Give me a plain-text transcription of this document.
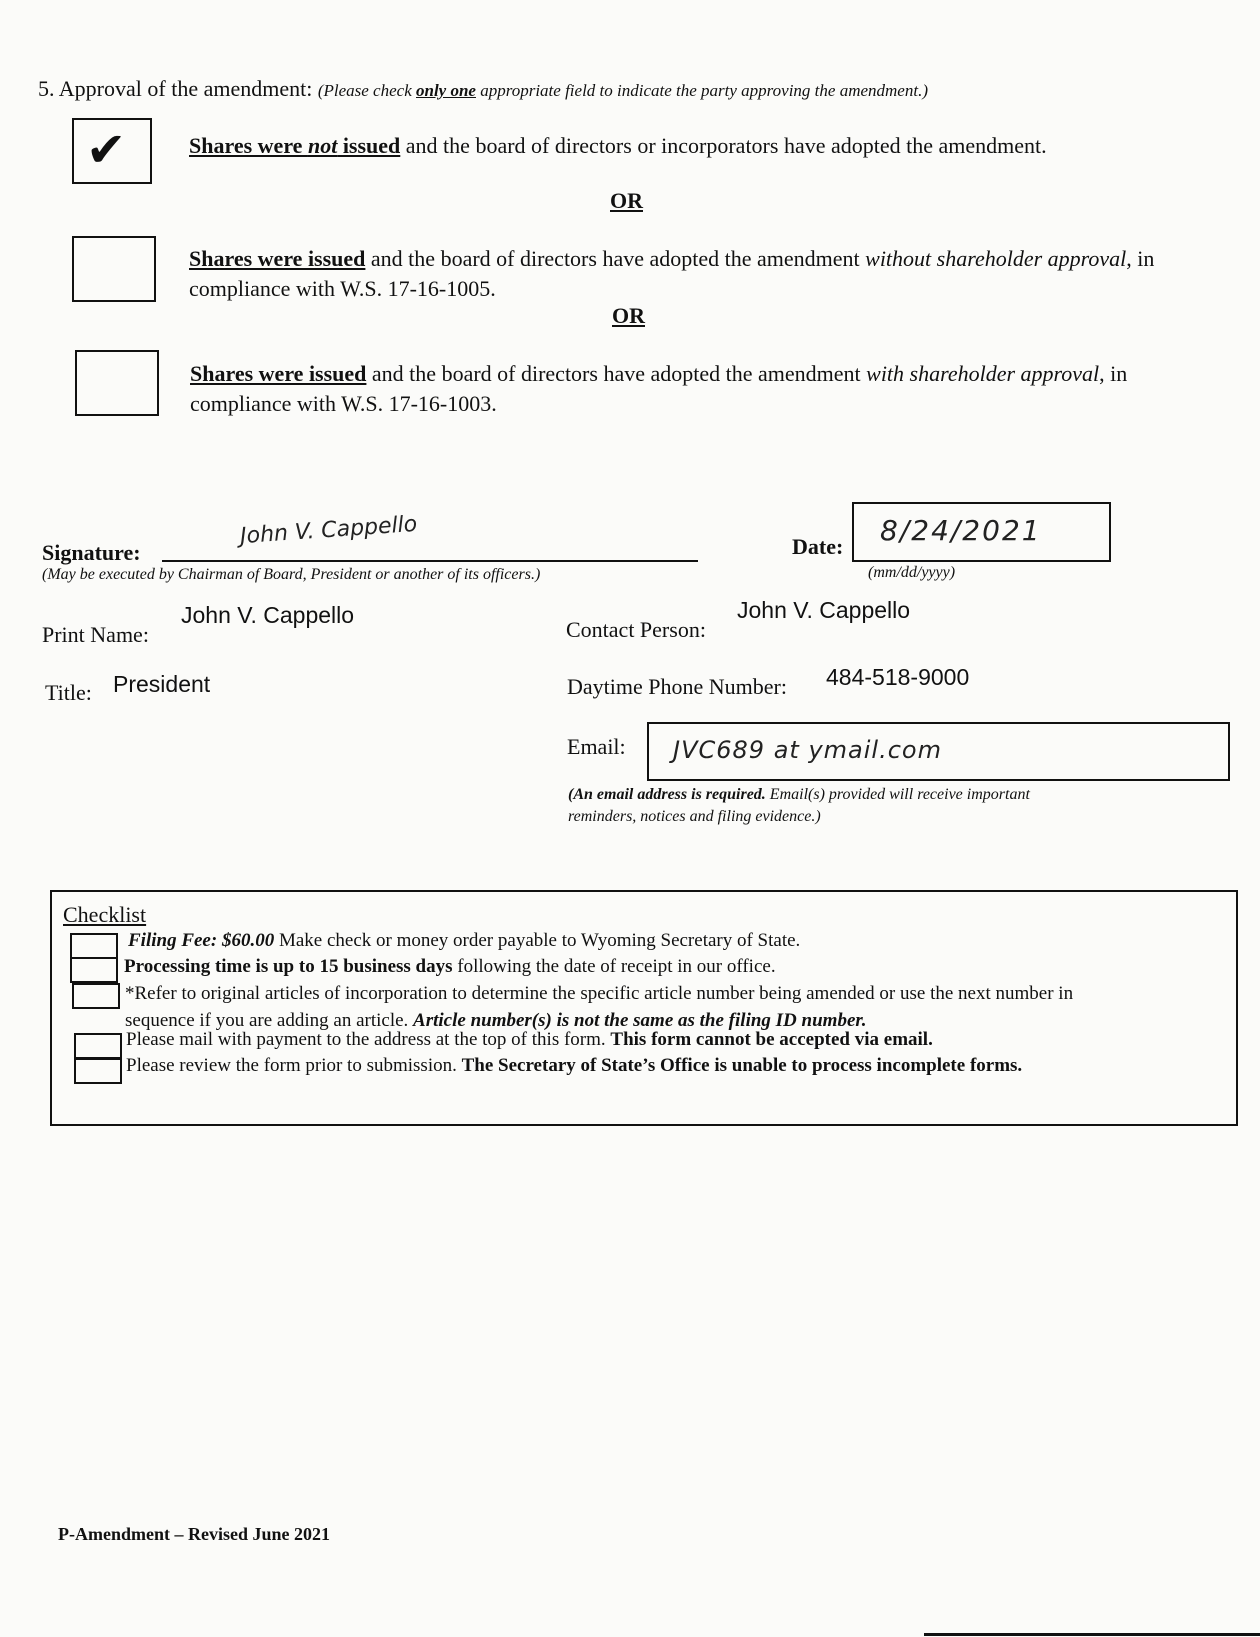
5. Approval of the amendment: (Please check only one appropriate field to indicate the party approving the amendment.)
✔	Shares were not issued and the board of directors or incorporators have adopted the amendment.
OR
Shares were issued and the board of directors have adopted the amendment without shareholder approval, in compliance with W.S. 17-16-1005.
OR
Shares were issued and the board of directors have adopted the amendment with shareholder approval, in compliance with W.S. 17-16-1003.
Signature:
John V. Cappello
(May be executed by Chairman of Board, President or another of its officers.)
Date: 8/24/2021
(mm/dd/yyyy)
Print Name:
John V. Cappello
Contact Person:
John V. Cappello
Title: President	Daytime Phone Number: 484-518-9000
Email: JVC689 at ymail.com
(An email address is required. Email(s) provided will receive important
reminders, notices and filing evidence.)
Checklist
Filing Fee: $60.00 Make check or money order payable to Wyoming Secretary of State.
Processing time is up to 15 business days following the date of receipt in our office.
*Refer to original articles of incorporation to determine the specific article number being amended or use the next number in
sequence if you are adding an article. Article number(s) is not the same as the filing ID number.
Please mail with payment to the address at the top of this form. This form cannot be accepted via email.
Please review the form prior to submission. The Secretary of State’s Office is unable to process incomplete forms.
P-Amendment – Revised June 2021
